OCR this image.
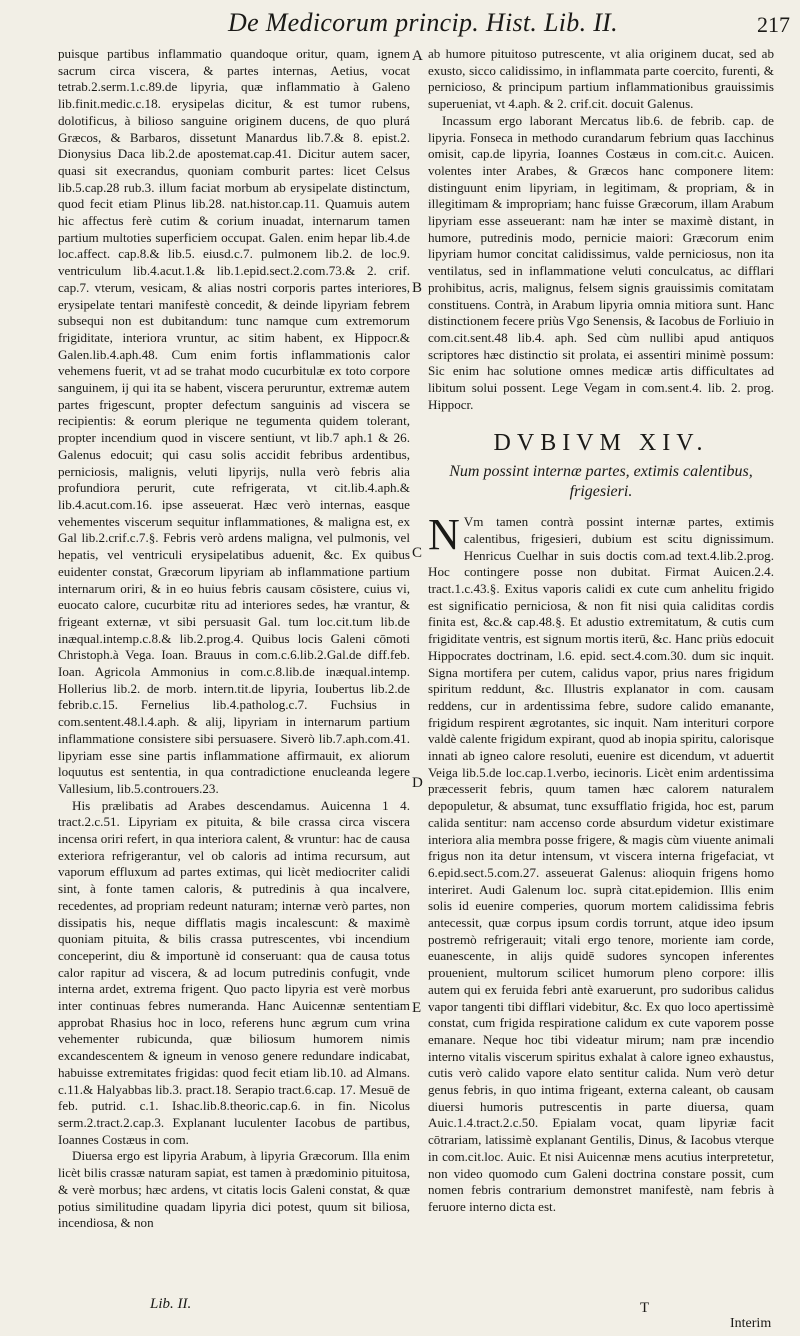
De Medicorum princip. Hist. Lib. II.	217

puisque partibus inflammatio quandoque oritur, quam, ignem sacrum circa viscera, & partes internas, Aetius, vocat tetrab.2.serm.1.c.89.de lipyria, quæ inflammatio à Galeno lib.finit.medic.c.18. erysipelas dicitur, & est tumor rubens, dolotificus, à bilioso sanguine originem ducens, de quo plurá Græcos, & Barbaros, dissetunt Manardus lib.7.& 8. epist.2. Dionysius Daca lib.2.de apostemat.cap.41. Dicitur autem sacer, quasi sit execrandus, quoniam comburit partes: licet Celsus lib.5.cap.28 rub.3. illum faciat morbum ab erysipelate distinctum, quod fecit etiam Plinus lib.28. nat.histor.cap.11. Quamuis autem hic affectus ferè cutim & corium inuadat, internarum tamen partium multoties superficiem occupat. Galen. enim hepar lib.4.de loc.affect. cap.8.& lib.5. eiusd.c.7. pulmonem lib.2. de loc.9. ventriculum lib.4.acut.1.& lib.1.epid.sect.2.com.73.& 2. crif. cap.7. vterum, vesicam, & alias nostri corporis partes interiores, erysipelate tentari manifestè concedit, & deinde lipyriam febrem subsequi non est dubitandum: tunc namque cum extremorum frigiditate, interiora vruntur, ac sitim habent, ex Hippocr.& Galen.lib.4.aph.48. Cum enim fortis inflammationis calor vehemens fuerit, vt ad se trahat modo cucurbitulæ ex toto corpore sanguinem, ij qui ita se habent, viscera peruruntur, extremæ autem partes frigescunt, propter defectum sanguinis ad viscera se recipientis: & eorum plerique ne tegumenta quidem tolerant, propter incendium quod in viscere sentiunt, vt lib.7 aph.1 & 26. Galenus edocuit; qui casu solis accidit febribus ardentibus, perniciosis, malignis, veluti lipyrijs, nulla verò febris alia profundiora perurit, cute refrigerata, vt cit.lib.4.aph.& lib.4.acut.com.16. ipse asseuerat. Hæc verò internas, easque vehementes viscerum sequitur inflammationes, & maligna est, ex Gal lib.2.crif.c.7.§. Febris verò ardens maligna, vel pulmonis, vel hepatis, vel ventriculi erysipelatibus aduenit, &c. Ex quibus euidenter constat, Græcorum lipyriam ab inflammatione partium internarum oriri, & in eo huius febris causam cōsistere, cuius vi, euocato calore, cucurbitæ ritu ad interiores sedes, hæ vrantur, & frigeant externæ, vt sibi persuasit Gal. tum loc.cit.tum lib.de inæqual.intemp.c.8.& lib.2.prog.4. Quibus locis Galeni cōmoti Christoph.à Vega. Ioan. Brauus in com.c.6.lib.2.Gal.de diff.feb. Ioan. Agricola Ammonius in com.c.8.lib.de inæqual.intemp. Hollerius lib.2. de morb. intern.tit.de lipyria, Ioubertus lib.2.de febrib.c.15. Fernelius lib.4.patholog.c.7. Fuchsius in com.sentent.48.l.4.aph. & alij, lipyriam in internarum partium inflammatione consistere sibi persuasere. Siverò lib.7.aph.com.41. lipyriam esse sine partis inflammatione affirmauit, ex aliorum loquutus est sententia, in qua contradictione enucleanda legere Vallesium, lib.5.controuers.23.

His prælibatis ad Arabes descendamus. Auicenna 1 4. tract.2.c.51. Lipyriam ex pituita, & bile crassa circa viscera incensa oriri refert, in qua interiora calent, & vruntur: hac de causa exteriora refrigerantur, vel ob caloris ad intima recursum, aut vaporum effluxum ad partes extimas, qui licèt mediocriter calidi sint, à fonte tamen caloris, & putredinis à qua incalvere, recedentes, ad propriam redeunt naturam; internæ verò partes, non dissipatis his, neque difflatis magis incalescunt: & maximè quoniam pituita, & bilis crassa putrescentes, vbi incendium conceperint, diu & importunè id conseruant: qua de causa totus calor rapitur ad viscera, & ad locum putredinis confugit, vnde interna ardet, extrema frigent. Quo pacto lipyria est verè morbus inter continuas febres numeranda. Hanc Auicennæ sententiam approbat Rhasius hoc in loco, referens hunc ægrum cum vrina vehementer rubicunda, quæ biliosum humorem nimis excandescentem & igneum in venoso genere redundare indicabat, habuisse extremitates frigidas: quod fecit etiam lib.10. ad Almans. c.11.& Halyabbas lib.3. pract.18. Serapio tract.6.cap. 17. Mesuē de feb. putrid. c.1. Ishac.lib.8.theoric.cap.6. in fin. Nicolus serm.2.tract.2.cap.3. Explanant luculenter Iacobus de partibus, Ioannes Costæus in com.

Diuersa ergo est lipyria Arabum, à lipyria Græcorum. Illa enim licèt bilis crassæ naturam sapiat, est tamen à prædominio pituitosa, & verè morbus; hæc ardens, vt citatis locis Galeni constat, & quæ potius similitudine quadam lipyria dici potest, quum sit biliosa, incendiosa, & non

A
B
C
D
E

ab humore pituitoso putrescente, vt alia originem ducat, sed ab exusto, sicco calidissimo, in inflammata parte coercito, furenti, & pernicioso, & principum partium inflammationibus grauissimis superueniat, vt 4.aph. & 2. crif.cit. docuit Galenus.

Incassum ergo laborant Mercatus lib.6. de febrib. cap. de lipyria. Fonseca in methodo curandarum febrium quas Iacchinus omisit, cap.de lipyria, Ioannes Costæus in com.cit.c. Auicen. volentes inter Arabes, & Græcos hanc componere litem: distinguunt enim lipyriam, in legitimam, & propriam, & in illegitimam & impropriam; hanc fuisse Græcorum, illam Arabum lipyriam esse asseuerant: nam hæ inter se maximè distant, in humore, putredinis modo, pernicie maiori: Græcorum enim lipyriam humor concitat calidissimus, valde perniciosus, non ita ventilatus, sed in inflammatione veluti conculcatus, ac difflari prohibitus, acris, malignus, felsem signis grauissimis comitatam constituens. Contrà, in Arabum lipyria omnia mitiora sunt. Hanc distinctionem fecere priùs Vgo Senensis, & Iacobus de Forliuio in com.cit.sent.48 lib.4. aph. Sed cùm nullibi apud antiquos scriptores hæc distinctio sit prolata, ei assentiri minimè possum: Sic enim hac solutione omnes medicæ artis difficultates ad libitum solui possent. Lege Vegam in com.sent.4. lib. 2. prog. Hippocr.

DVBIVM XIV.
Num possint internæ partes, extimis calentibus, frigesieri.

N Vm tamen contrà possint internæ partes, extimis calentibus, frigesieri, dubium est scitu dignissimum. Henricus Cuelhar in suis doctis com.ad text.4.lib.2.prog. Hoc contingere posse non dubitat. Firmat Auicen.2.4. tract.1.c.43.§. Exitus vaporis calidi ex cute cum anhelitu frigido est significatio perniciosa, & non fit nisi quia caliditas cordis finita est, &c.& cap.48.§. Et adustio extremitatum, & cutis cum frigiditate ventris, est signum mortis iterū, &c. Hanc priùs edocuit Hippocrates doctrinam, l.6. epid. sect.4.com.30. dum sic inquit. Signa mortifera per cutem, calidus vapor, prius nares frigidum spiritum reddunt, &c. Illustris explanator in com. causam reddens, cur in ardentissima febre, sudore calido emanante, frigidum respirent ægrotantes, sic inquit. Nam interituri corpore valdè calente frigidum expirant, quod ab inopia spiritu, calorisque innati ab igneo calore resoluti, euenire est dicendum, vt aduertit Veiga lib.5.de loc.cap.1.verbo, iecinoris. Licèt enim ardentissima præcesserit febris, quum tamen hæc calorem naturalem depopuletur, & absumat, tunc exsufflatio frigida, hoc est, parum calida sentitur: nam accenso corde absurdum videtur existimare interiora alia membra posse frigere, & magis cùm viuente animali frigus non ita detur intensum, vt viscera interna frigefaciat, vt 6.epid.sect.5.com.27. asseuerat Galenus: alioquin frigens homo interiret. Audi Galenum loc. suprà citat.epidemion. Illis enim solis id euenire comperies, quorum mortem calidissima febris antecessit, quæ corpus ipsum cordis torrunt, atque ideo ipsum postremò refrigerauit; vitali ergo tenore, moriente iam corde, euanescente, in alijs quidē sudores syncopen inferentes prouenient, multorum scilicet humorum pleno corpore: illis autem qui ex feruida febri antè exaruerunt, pro sudoribus calidus vapor tangenti tibi difflari videbitur, &c. Ex quo loco apertissimè constat, cum frigida respiratione calidum ex cute vaporem posse emanare. Neque hoc tibi videatur mirum; nam præ incendio interno vitalis viscerum spiritus exhalat à calore igneo exhaustus, cutis verò calido vapore elato sentitur calida. Num verò detur genus febris, in quo intima frigeant, externa caleant, ob causam diuersi humoris putrescentis in parte diuersa, quam Auic.1.4.tract.2.c.50. Epialam vocat, quam lipyriæ facit cōtrariam, latissimè explanant Gentilis, Dinus, & Iacobus vterque in com.cit.loc. Auic. Et nisi Auicennæ mens acutius interpretetur, non video quomodo cum Galeni doctrina constare possit, cum nomen febris contrarium demonstret manifestè, nam febris à feruore interno dicta est.

Lib. II.	T
Interim
